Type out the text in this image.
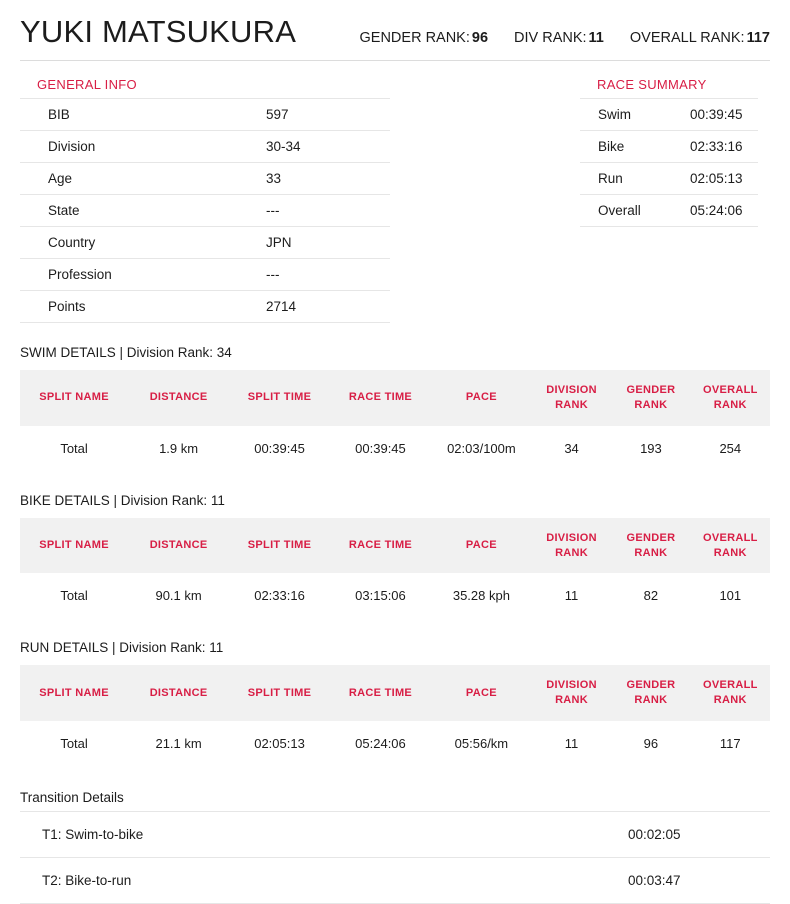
YUKI MATSUKURA	GENDER RANK: 96 DIV RANK: 11 OVERALL RANK: 117
GENERAL INFO
BIB	597
Division	30-34
Age	33
State	---
Country	JPN
Profession	---
Points	2714
RACE SUMMARY
Swim	00:39:45
Bike	02:33:16
Run	02:05:13
Overall	05:24:06
SWIM DETAILS | Division Rank: 34
SPLIT NAME	DISTANCE	SPLIT TIME	RACE TIME	PACE	DIVISION RANK	GENDER RANK	OVERALL RANK
Total	1.9 km	00:39:45	00:39:45	02:03/100m	34	193	254
BIKE DETAILS | Division Rank: 11
SPLIT NAME	DISTANCE	SPLIT TIME	RACE TIME	PACE	DIVISION RANK	GENDER RANK	OVERALL RANK
Total	90.1 km	02:33:16	03:15:06	35.28 kph	11	82	101
RUN DETAILS | Division Rank: 11
SPLIT NAME	DISTANCE	SPLIT TIME	RACE TIME	PACE	DIVISION RANK	GENDER RANK	OVERALL RANK
Total	21.1 km	02:05:13	05:24:06	05:56/km	11	96	117
Transition Details
T1: Swim-to-bike	00:02:05
T2: Bike-to-run	00:03:47
